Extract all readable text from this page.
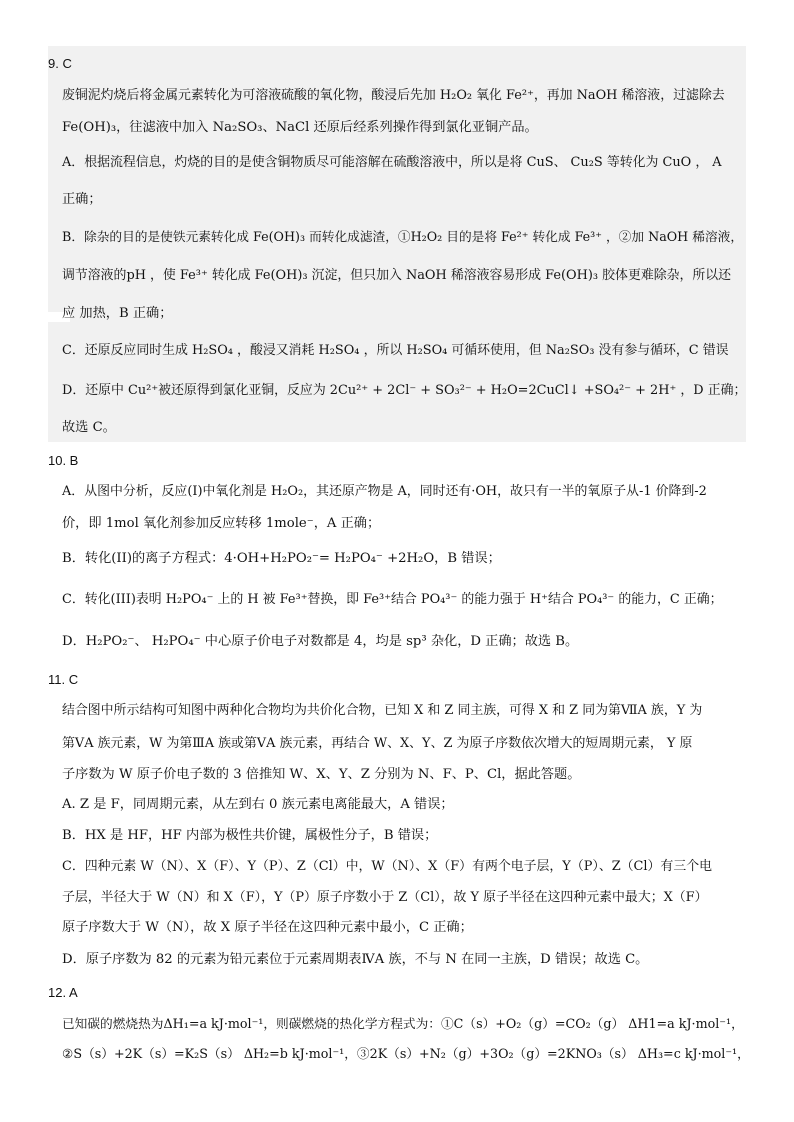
9. C
废铜泥灼烧后将金属元素转化为可溶液硫酸的氧化物，酸浸后先加 H₂O₂ 氧化 Fe²⁺，再加 NaOH 稀溶液，过滤除去
Fe(OH)₃，往滤液中加入 Na₂SO₃、NaCl 还原后经系列操作得到氯化亚铜产品。
A．根据流程信息，灼烧的目的是使含铜物质尽可能溶解在硫酸溶液中，所以是将 CuS、 Cu₂S 等转化为 CuO ， A
正确；
B．除杂的目的是使铁元素转化成 Fe(OH)₃ 而转化成滤渣，①H₂O₂ 目的是将 Fe²⁺ 转化成 Fe³⁺ ，②加 NaOH 稀溶液，
调节溶液的pH ，使 Fe³⁺ 转化成 Fe(OH)₃ 沉淀，但只加入 NaOH 稀溶液容易形成 Fe(OH)₃ 胶体更难除杂，所以还
应 加热，B 正确；
C．还原反应同时生成 H₂SO₄ ，酸浸又消耗 H₂SO₄ ，所以 H₂SO₄ 可循环使用，但 Na₂SO₃ 没有参与循环，C 错误
D．还原中 Cu²⁺被还原得到氯化亚铜，反应为 2Cu²⁺ + 2Cl⁻ + SO₃²⁻ + H₂O=2CuCl↓ +SO₄²⁻ + 2H⁺ ，D 正确；
故选 C。
10. B
A．从图中分析，反应(I)中氧化剂是 H₂O₂，其还原产物是 A，同时还有·OH，故只有一半的氧原子从-1 价降到-2
价，即 1mol 氧化剂参加反应转移 1mole⁻，A 正确；
B．转化(II)的离子方程式：4·OH+H₂PO₂⁻= H₂PO₄⁻ +2H₂O，B 错误；
C．转化(III)表明 H₂PO₄⁻ 上的 H 被 Fe³⁺替换，即 Fe³⁺结合 PO₄³⁻ 的能力强于 H⁺结合 PO₄³⁻ 的能力，C 正确；
D．H₂PO₂⁻、 H₂PO₄⁻ 中心原子价电子对数都是 4，均是 sp³ 杂化，D 正确；故选 B。
11. C
结合图中所示结构可知图中两种化合物均为共价化合物，已知 X 和 Z 同主族，可得 X 和 Z 同为第ⅦA 族，Y 为
第ⅤA 族元素，W 为第ⅢA 族或第ⅤA 族元素，再结合 W、X、Y、Z 为原子序数依次增大的短周期元素， Y 原
子序数为 W 原子价电子数的 3 倍推知 W、X、Y、Z 分别为 N、F、P、Cl，据此答题。
A. Z 是 F，同周期元素，从左到右 0 族元素电离能最大，A 错误；
B．HX 是 HF，HF 内部为极性共价键，属极性分子，B 错误；
C．四种元素 W（N）、X（F）、Y（P）、Z（Cl）中，W（N）、X（F）有两个电子层，Y（P）、Z（Cl）有三个电
子层，半径大于 W（N）和 X（F），Y（P）原子序数小于 Z（Cl），故 Y 原子半径在这四种元素中最大；X（F）
原子序数大于 W（N），故 X 原子半径在这四种元素中最小，C 正确；
D．原子序数为 82 的元素为铅元素位于元素周期表ⅣA 族，不与 N 在同一主族，D 错误；故选 C。
12. A
已知碳的燃烧热为ΔH₁=a kJ·mol⁻¹，则碳燃烧的热化学方程式为：①C（s）+O₂（g）=CO₂（g） ΔH1=a kJ·mol⁻¹，
②S（s）+2K（s）=K₂S（s） ΔH₂=b kJ·mol⁻¹，③2K（s）+N₂（g）+3O₂（g）=2KNO₃（s） ΔH₃=c kJ·mol⁻¹，
